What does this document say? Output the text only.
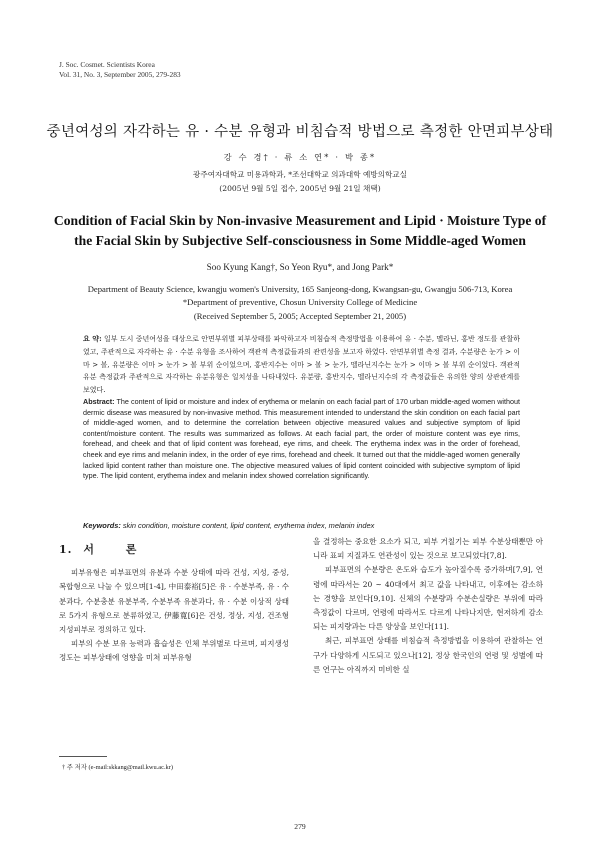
J. Soc. Cosmet. Scientists Korea
Vol. 31, No. 3, September 2005, 279-283
중년여성의 자각하는 유 · 수분 유형과 비침습적 방법으로 측정한 안면피부상태
강 수 경† · 류 소 연* · 박 종*
광주여자대학교 미용과학과, *조선대학교 의과대학 예방의학교실
(2005년 9월 5일 접수, 2005년 9월 21일 채택)
Condition of Facial Skin by Non-invasive Measurement and Lipid · Moisture Type of
the Facial Skin by Subjective Self-consciousness in Some Middle-aged Women
Soo Kyung Kang†, So Yeon Ryu*, and Jong Park*
Department of Beauty Science, kwangju women's University, 165 Sanjeong-dong, Kwangsan-gu, Gwangju 506-713, Korea
*Department of preventive, Chosun University College of Medicine
(Received September 5, 2005; Accepted September 21, 2005)
요 약: 일부 도시 중년여성을 대상으로 안면부위별 피부상태를 파악하고자 비침습적 측정방법을 이용하여 유 · 수분, 멜라닌, 홍반 정도를 관찰하였고, 주관적으로 자각하는 유 · 수분 유형을 조사하여 객관적 측정값들과의 관련성을 보고자 하였다. 안면부위별 측정 결과, 수분량은 눈가 > 이마 > 볼, 유분량은 이마 > 눈가 > 볼 부위 순이었으며, 홍반지수는 이마 > 볼 > 눈가, 멜라닌지수는 눈가 > 이마 > 볼 부위 순이었다. 객관적 유분 측정값과 주관적으로 자각하는 유분유형은 일치성을 나타내었다. 유분량, 홍반지수, 멜라닌지수의 각 측정값들은 유의한 양의 상관관계를 보였다.
Abstract: The content of lipid or moisture and index of erythema or melanin on each facial part of 170 urban middle-aged women without dermic disease was measured by non-invasive method. This measurement intended to understand the skin condition on each facial part of middle-aged women, and to determine the correlation between objective measured values and subjective symptom of lipid content/moisture content. The results was summarized as follows. At each facial part, the order of moisture content was eye rims, forehead, and cheek and that of lipid content was forehead, eye rims, and cheek. The erythema index was in the order of forehead, cheek and eye rims and melanin index, in the order of eye rims, forehead and cheek. It turned out that the middle-aged women generally lacked lipid content rather than moisture one. The objective measured values of lipid content coincided with subjective symptom of lipid type. The lipid content, erythema index and melanin index showed correlation significantly.
Keywords: skin condition, moisture content, lipid content, erythema index, melanin index
1. 서 론

피부유형은 피부표면의 유분과 수분 상태에 따라 건성, 지성, 중성, 복합형으로 나눌 수 있으며[1-4], 中田泰裕[5]은 유 · 수분부족, 유 · 수분과다, 수분충분 유분부족, 수분부족 유분과다, 유 · 수분 이상적 상태로 5가지 유형으로 분류하였고, 伊藤寛[6]은 건성, 정상, 지성, 건조형 지성피부로 정의하고 있다.

피부의 수분 보유 능력과 흡습성은 인체 부위별로 다르며, 피지생성정도는 피부상태에 영향을 미쳐 피부유형

을 결정하는 중요한 요소가 되고, 피부 거칠기는 피부 수분상태뿐만 아니라 표피 지질과도 연관성이 있는 것으로 보고되었다[7,8].

피부표면의 수분량은 온도와 습도가 높아질수록 증가하며[7,9], 연령에 따라서는 20 ~ 40대에서 최고 값을 나타내고, 이후에는 감소하는 경향을 보인다[9,10]. 신체의 수분량과 수분손실량은 부위에 따라 측정값이 다르며, 연령에 따라서도 다르게 나타나지만, 현저하게 감소되는 피지량과는 다른 양상을 보인다[11].

최근, 피부표면 상태를 비침습적 측정방법을 이용하여 관찰하는 연구가 다양하게 시도되고 있으나[12], 정상 한국인의 연령 및 성별에 따른 연구는 아직까지 미비한 실

† 주 저자 (e-mail:skkang@mail.kwu.ac.kr)
279
